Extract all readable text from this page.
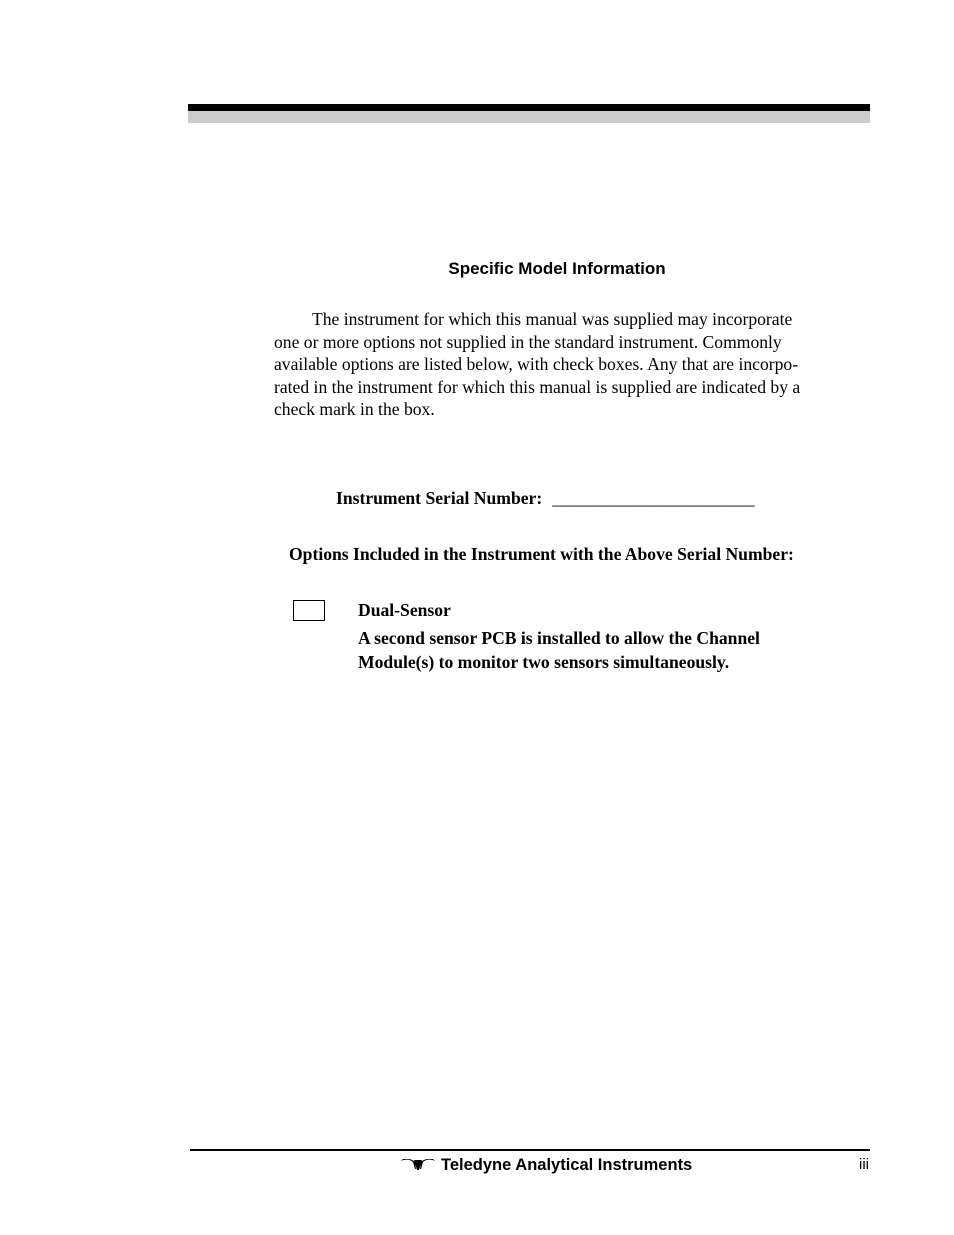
Specific Model Information

The instrument for which this manual was supplied may incorporate
one or more options not supplied in the standard instrument. Commonly
available options are listed below, with check boxes. Any that are incorpo-
rated in the instrument for which this manual is supplied are indicated by a
check mark in the box.

Instrument Serial Number: _______________________
Options Included in the Instrument with the Above Serial Number:
Dual-Sensor
A second sensor PCB is installed to allow the Channel
Module(s) to monitor two sensors simultaneously.
Teledyne Analytical Instruments	iii
